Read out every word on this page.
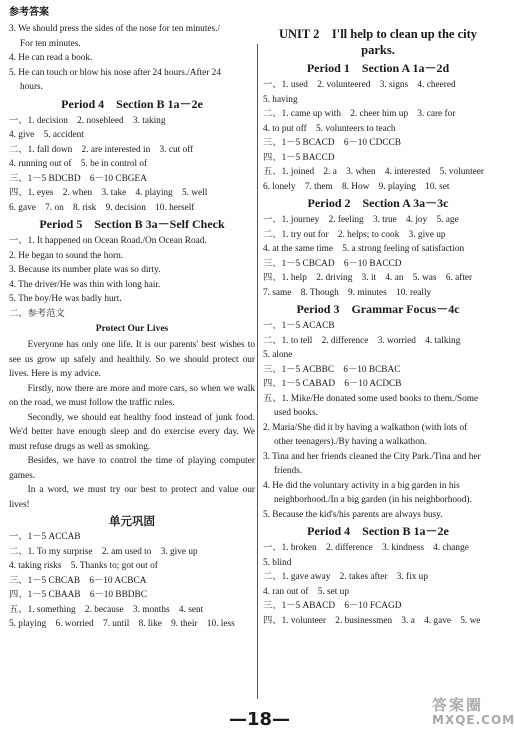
参考答案
3. We should press the sides of the nose for ten minutes./
For ten minutes.
4. He can read a book.
5. He can touch or blow his nose after 24 hours./After 24
hours.
Period 4　Section B 1a－2e
一、1. decision　2. nosebleed　3. taking
4. give　5. accident
二、1. fall down　2. are interested in　3. cut off
4. running out of　5. be in control of
三、1－5 BDCBD　6－10 CBGEA
四、1. eyes　2. when　3. take　4. playing　5. well
6. gave　7. on　8. risk　9. decision　10. herself
Period 5　Section B 3a－Self Check
一、1. It happened on Ocean Road./On Ocean Road.
2. He began to sound the horn.
3. Because its number plate was so dirty.
4. The driver/He was thin with long hair.
5. The boy/He was badly hurt.
二、参考范文
Protect Our Lives
Everyone has only one life. It is our parents' best wishes to see us grow up safely and healthily. So we should protect our lives. Here is my advice.
Firstly, now there are more and more cars, so when we walk on the road, we must follow the traffic rules.
Secondly, we should eat healthy food instead of junk food. We'd better have enough sleep and do exercise every day. We must refuse drugs as well as smoking.
Besides, we have to control the time of playing computer games.
In a word, we must try our best to protect and value our lives!
单元巩固
一、1－5 ACCAB
二、1. To my surprise　2. am used to　3. give up
4. taking risks　5. Thanks to; got out of
三、1－5 CBCAB　6－10 ACBCA
四、1－5 CBAAB　6－10 BBDBC
五、1. something　2. because　3. months　4. sent
5. playing　6. worried　7. until　8. like　9. their　10. less
UNIT 2　I'll help to clean up the city parks.
Period 1　Section A 1a－2d
一、1. used　2. volunteered　3. signs　4. cheered
5. having
二、1. came up with　2. cheer him up　3. care for
4. to put off　5. volunteers to teach
三、1－5 BCACD　6－10 CDCCB
四、1－5 BACCD
五、1. joined　2. a　3. when　4. interested　5. volunteer
6. lonely　7. them　8. How　9. playing　10. set
Period 2　Section A 3a－3c
一、1. journey　2. feeling　3. true　4. joy　5. age
二、1. try out for　2. helps; to cook　3. give up
4. at the same time　5. a strong feeling of satisfaction
三、1－5 CBCAD　6－10 BACCD
四、1. help　2. driving　3. it　4. an　5. was　6. after
7. same　8. Though　9. minutes　10. really
Period 3　Grammar Focus－4c
一、1－5 ACACB
二、1. to tell　2. difference　3. worried　4. talking
5. alone
三、1－5 ACBBC　6－10 BCBAC
四、1－5 CABAD　6－10 ACDCB
五、1. Mike/He donated some used books to them./Some
used books.
2. Maria/She did it by having a walkathon (with lots of
other teenagers)./By having a walkathon.
3. Tina and her friends cleaned the City Park./Tina and her
friends.
4. He did the voluntary activity in a big garden in his
neighborhood./In a big garden (in his neighborhood).
5. Because the kid's/his parents are always busy.
Period 4　Section B 1a－2e
一、1. broken　2. difference　3. kindness　4. change
5. blind
二、1. gave away　2. takes after　3. fix up
4. ran out of　5. set up
三、1－5 ABACD　6－10 FCAGD
四、1. volunteer　2. businessmen　3. a　4. gave　5. we
—18—
答案圈
MXQE.COM
